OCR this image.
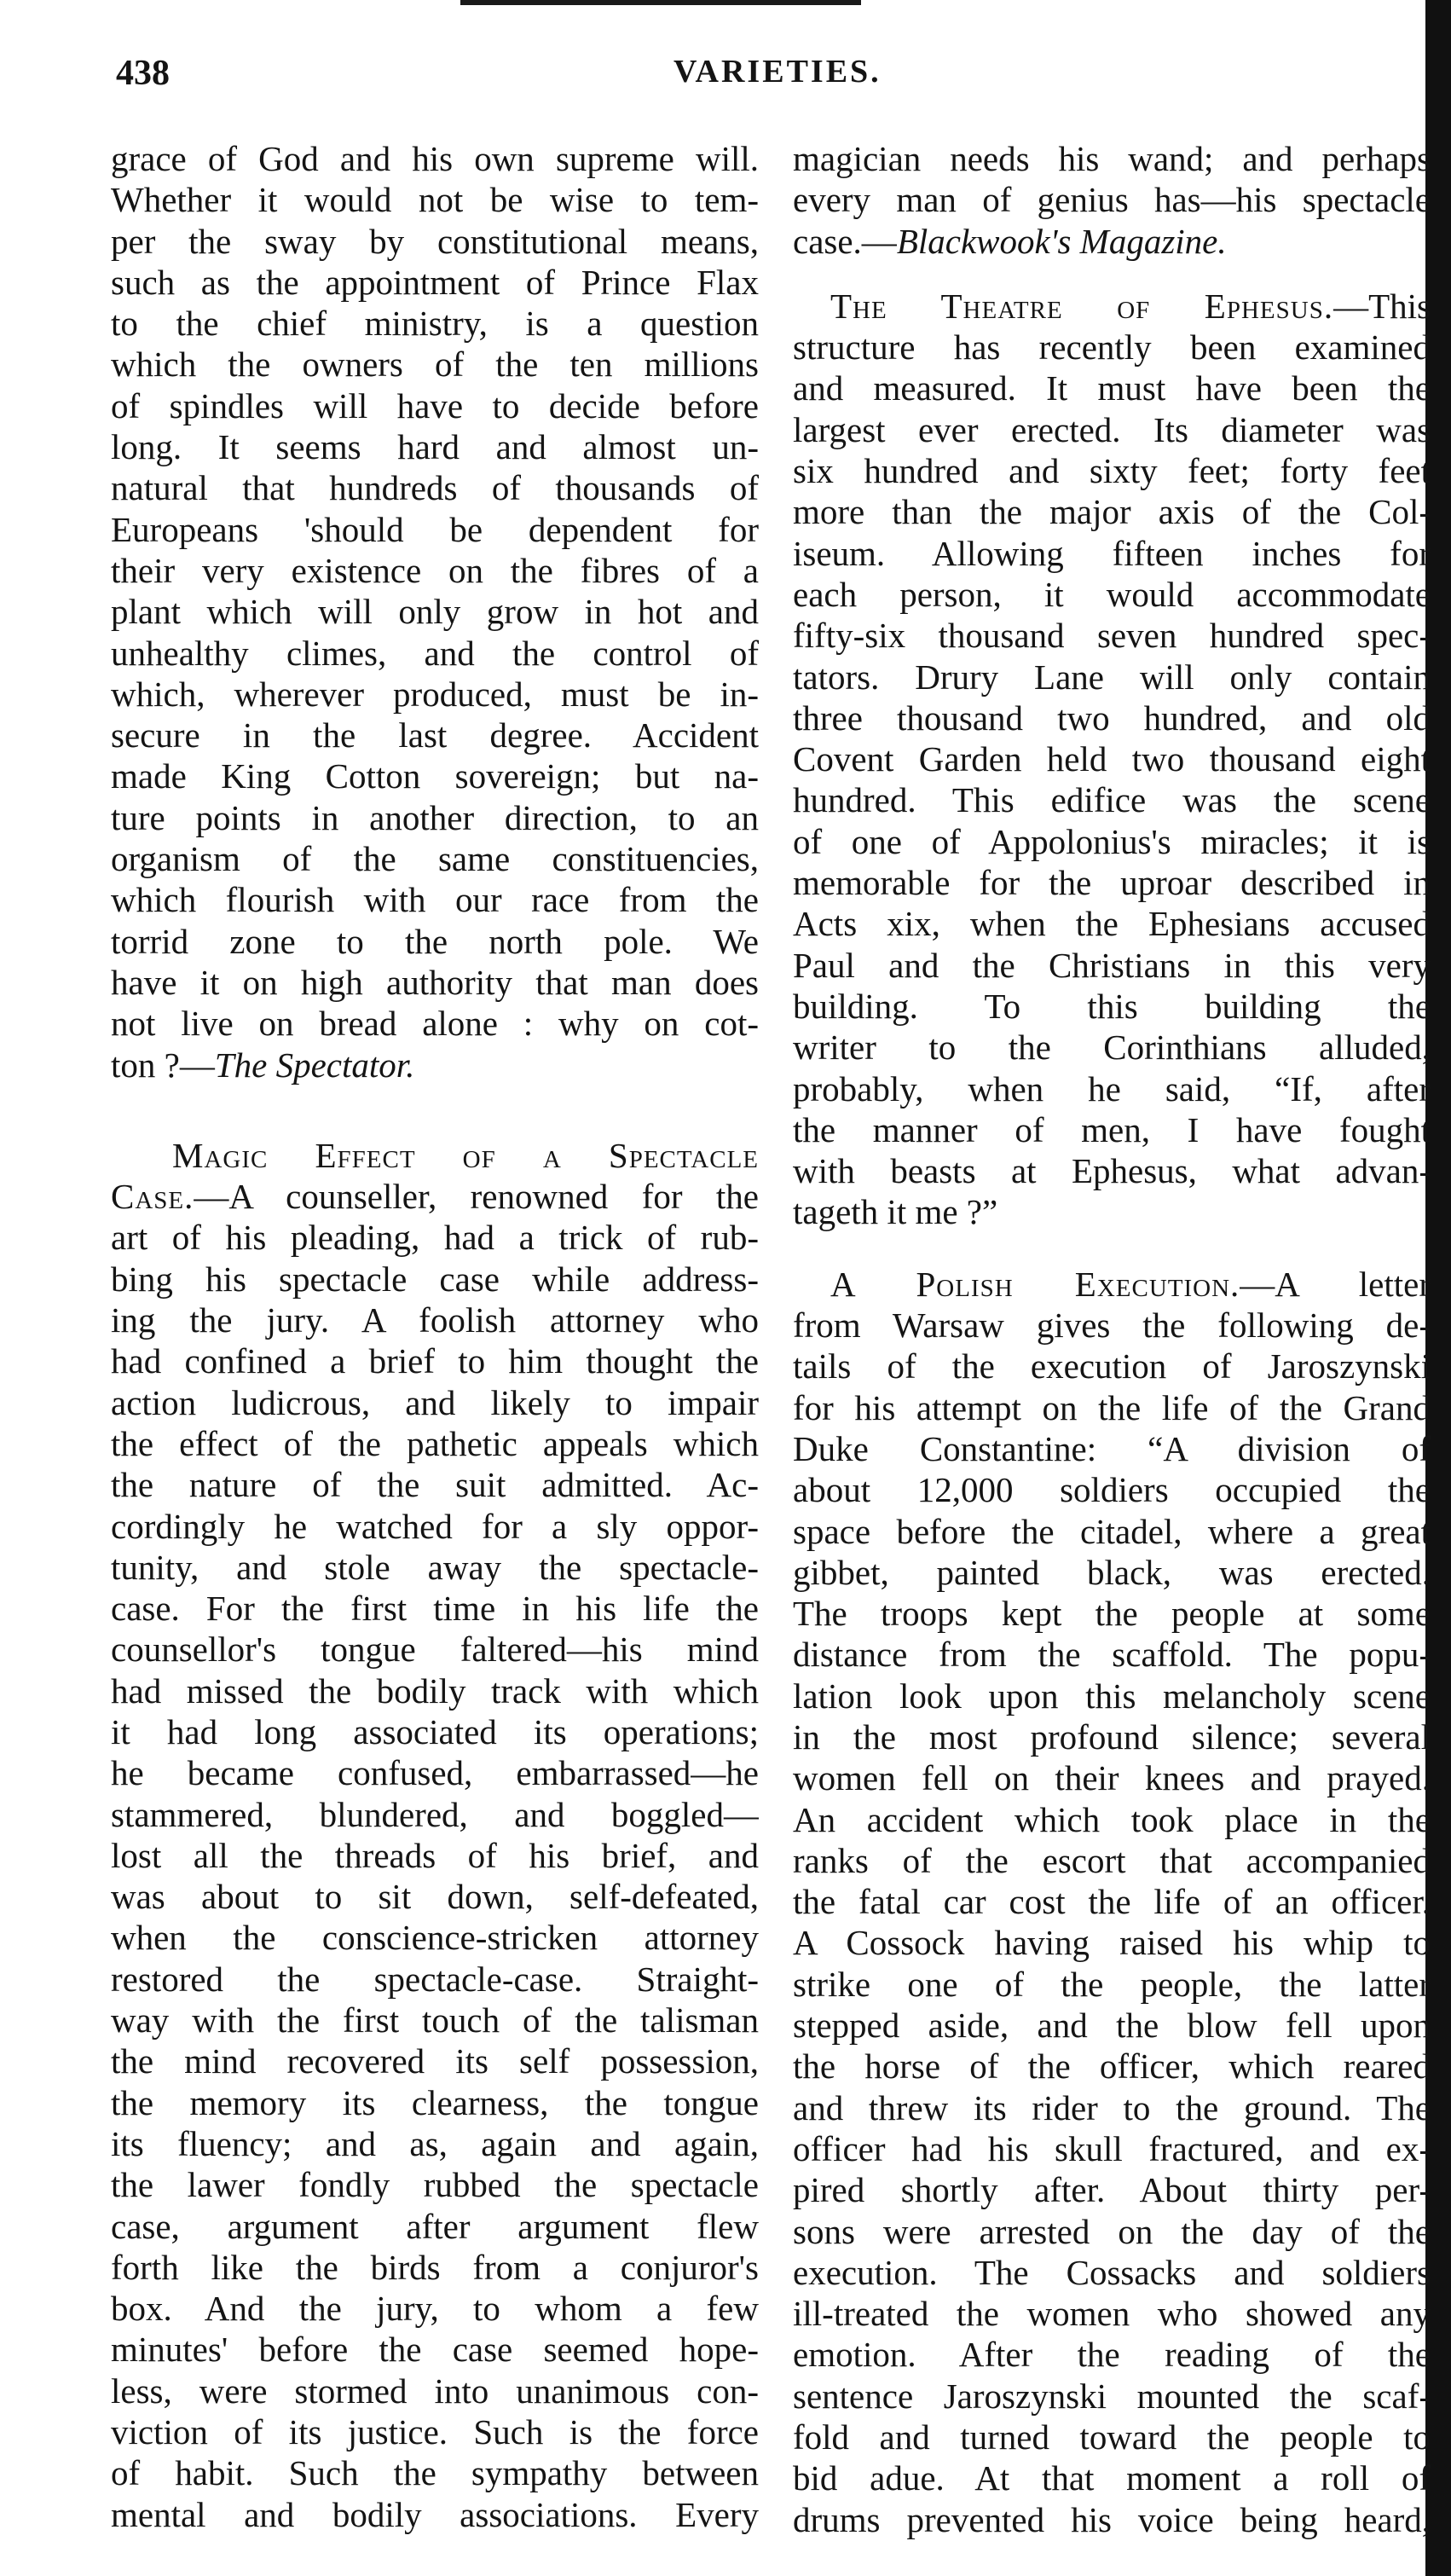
438	VARIETIES.
grace of God and his own supreme will.
Whether it would not be wise to tem-
per the sway by constitutional means,
such as the appointment of Prince Flax
to the chief ministry, is a question
which the owners of the ten millions
of spindles will have to decide before
long. It seems hard and almost un-
natural that hundreds of thousands of
Europeans 'should be dependent for
their very existence on the fibres of a
plant which will only grow in hot and
unhealthy climes, and the control of
which, wherever produced, must be in-
secure in the last degree. Accident
made King Cotton sovereign; but na-
ture points in another direction, to an
organism of the same constituencies,
which flourish with our race from the
torrid zone to the north pole. We
have it on high authority that man does
not live on bread alone : why on cot-
ton ?—The Spectator.
Magic Effect of a Spectacle
Case.—A counseller, renowned for the
art of his pleading, had a trick of rub-
bing his spectacle case while address-
ing the jury. A foolish attorney who
had confined a brief to him thought the
action ludicrous, and likely to impair
the effect of the pathetic appeals which
the nature of the suit admitted. Ac-
cordingly he watched for a sly oppor-
tunity, and stole away the spectacle-
case. For the first time in his life the
counsellor's tongue faltered—his mind
had missed the bodily track with which
it had long associated its operations;
he became confused, embarrassed—he
stammered, blundered, and boggled—
lost all the threads of his brief, and
was about to sit down, self-defeated,
when the conscience-stricken attorney
restored the spectacle-case. Straight-
way with the first touch of the talisman
the mind recovered its self possession,
the memory its clearness, the tongue
its fluency; and as, again and again,
the lawer fondly rubbed the spectacle
case, argument after argument flew
forth like the birds from a conjuror's
box. And the jury, to whom a few
minutes' before the case seemed hope-
less, were stormed into unanimous con-
viction of its justice. Such is the force
of habit. Such the sympathy between
mental and bodily associations. Every
magician needs his wand; and perhaps
every man of genius has—his spectacle
case.—Blackwook's Magazine.
The Theatre of Ephesus.—This
structure has recently been examined
and measured. It must have been the
largest ever erected. Its diameter was
six hundred and sixty feet; forty feet
more than the major axis of the Col-
iseum. Allowing fifteen inches for
each person, it would accommodate
fifty-six thousand seven hundred spec-
tators. Drury Lane will only contain
three thousand two hundred, and old
Covent Garden held two thousand eight
hundred. This edifice was the scene
of one of Appolonius's miracles; it is
memorable for the uproar described in
Acts xix, when the Ephesians accused
Paul and the Christians in this very
building. To this building the
writer to the Corinthians alluded,
probably, when he said, “If, after
the manner of men, I have fought
with beasts at Ephesus, what advan-
tageth it me ?”
A Polish Execution.—A letter
from Warsaw gives the following de-
tails of the execution of Jaroszynski
for his attempt on the life of the Grand
Duke Constantine: “A division of
about 12,000 soldiers occupied the
space before the citadel, where a great
gibbet, painted black, was erected.
The troops kept the people at some
distance from the scaffold. The popu-
lation look upon this melancholy scene
in the most profound silence; several
women fell on their knees and prayed.
An accident which took place in the
ranks of the escort that accompanied
the fatal car cost the life of an officer.
A Cossock having raised his whip to
strike one of the people, the latter
stepped aside, and the blow fell upon
the horse of the officer, which reared
and threw its rider to the ground. The
officer had his skull fractured, and ex-
pired shortly after. About thirty per-
sons were arrested on the day of the
execution. The Cossacks and soldiers
ill-treated the women who showed any
emotion. After the reading of the
sentence Jaroszynski mounted the scaf-
fold and turned toward the people to
bid adue. At that moment a roll of
drums prevented his voice being heard,
